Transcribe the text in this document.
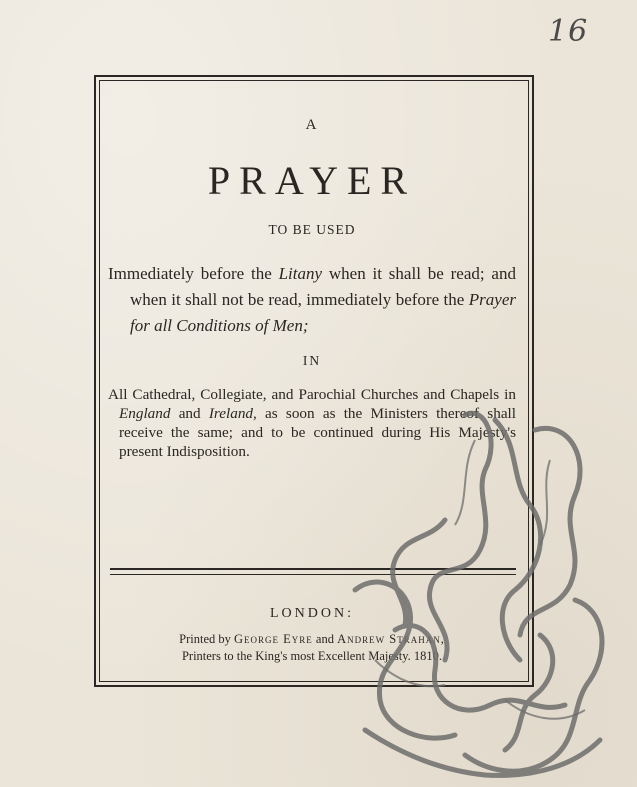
16
A
PRAYER
TO BE USED
Immediately before the Litany when it shall be read; and when it shall not be read, immediately before the Prayer for all Conditions of Men;
IN
All Cathedral, Collegiate, and Parochial Churches and Chapels in England and Ireland, as soon as the Ministers thereof shall receive the same; and to be continued during His Majesty's present Indisposition.
LONDON:
Printed by George Eyre and Andrew Strahan,
Printers to the King's most Excellent Majesty. 1810.
